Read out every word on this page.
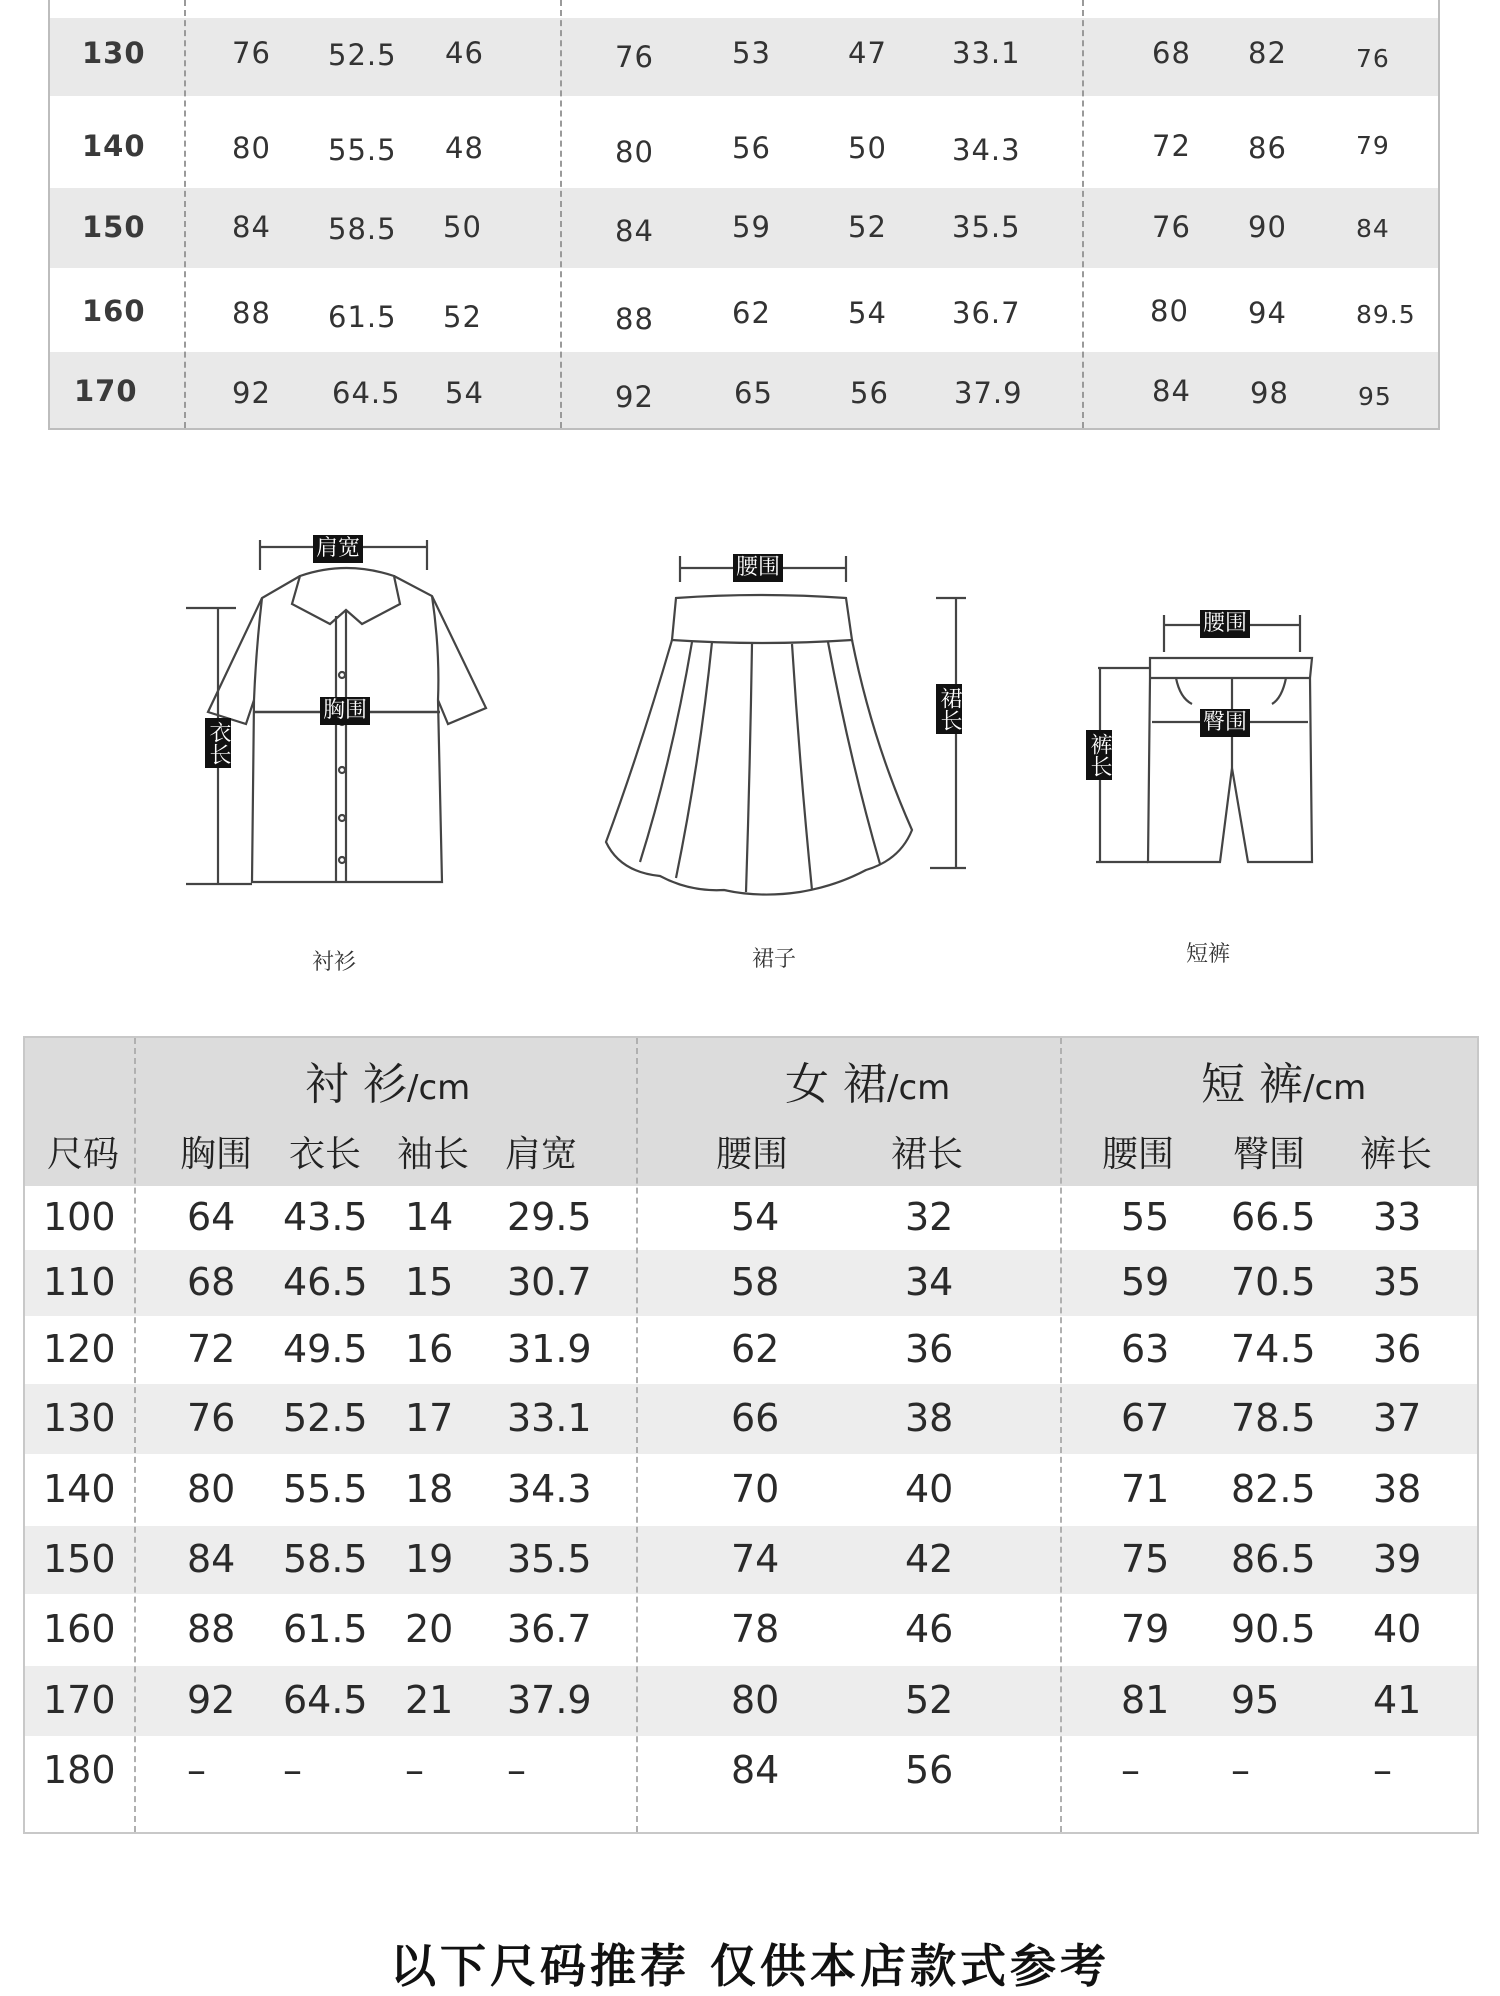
130	76 52.5 46	76	53	47 33.1	68 82	76
140	80 55.5 48	80	56	50 34.3	72 86	79
150	84 58.5 50	84	59	52 35.5	76 90	84
160	88 61.5 52	88	62	54 36.7	80 94	89.5
170	92 64.5 54	92	65	56 37.9	84 98	95
肩宽
胸围
衣长
衬衫
腰围
裙长
裙子
腰围
臀围
裤长
短裤
衬 衫/cm	女 裙/cm	短 裤/cm
尺码 胸围 衣长 袖长 肩宽	腰围	裙长	腰围 臀围 裤长
100 64 43.5 14 29.5	54	32	55 66.5 33
110 68 46.5 15 30.7	58	34	59 70.5 35
120 72 49.5 16 31.9	62	36	63 74.5 36
130 76 52.5 17 33.1	66	38	67 78.5 37
140 80 55.5 18 34.3	70	40	71 82.5 38
150 84 58.5 19 35.5	74	42	75 86.5 39
160 88 61.5 20 36.7	78	46	79 90.5 40
170 92 64.5 21 37.9	80	52	81 95 41
180 – –	– –	84	56	– –	–
以下尺码推荐 仅供本店款式参考
